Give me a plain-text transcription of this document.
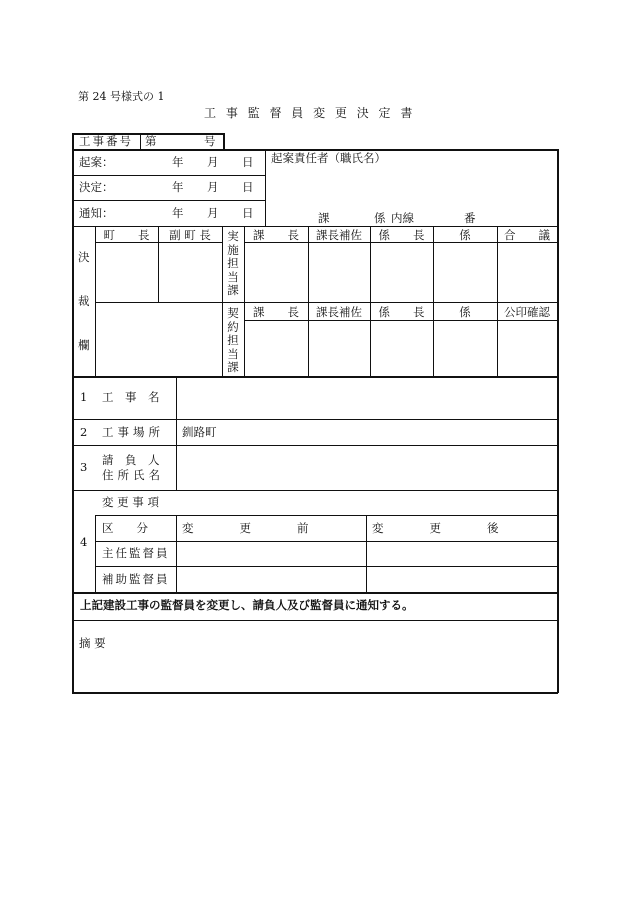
第 24 号様式の 1
工 事 監 督 員 変 更 決 定 書
工事番号 第	号
起案：	年 月 日
決定：	年 月 日
通知：	年 月 日
起案責任者（職氏名）
課	係 内線	番
決
裁
欄
町　　長	副 町 長	実施担当課
契約担当課
課　　長	課長補佐	係　　長	係	合　　議
課　　長	課長補佐	係　　長	係	公印確認
1 工　事　名
2 工事場所 釧路町
3 請　負　人
住所氏名
4
変 更 事 項
区　　分	変　　　　更　　　　前	変　　　　更　　　　後
主任監督員
補助監督員
上記建設工事の監督員を変更し、請負人及び監督員に通知する。
摘 要
